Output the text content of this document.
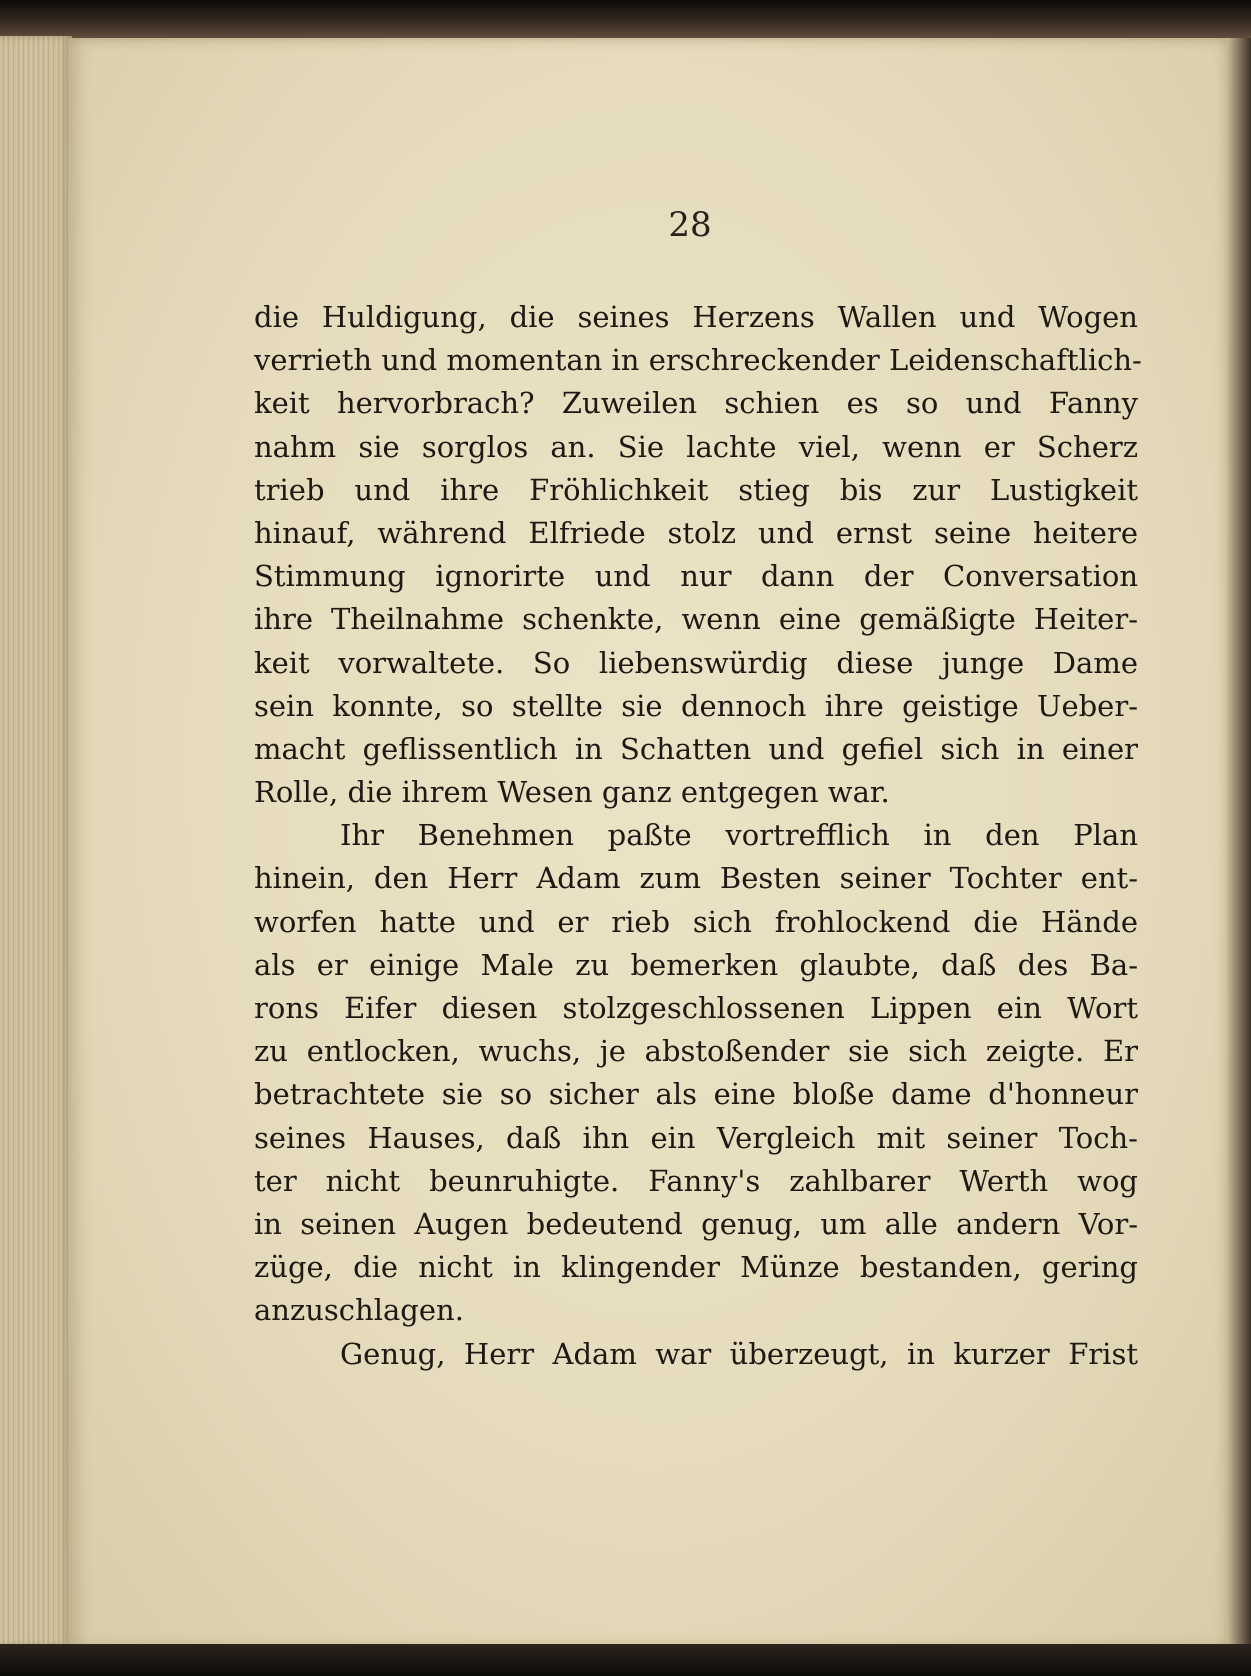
28

die Huldigung, die seines Herzens Wallen und Wogen
verrieth und momentan in erschreckender Leidenschaftlich-
keit hervorbrach? Zuweilen schien es so und Fanny
nahm sie sorglos an. Sie lachte viel, wenn er Scherz
trieb und ihre Fröhlichkeit stieg bis zur Lustigkeit
hinauf, während Elfriede stolz und ernst seine heitere
Stimmung ignorirte und nur dann der Conversation
ihre Theilnahme schenkte, wenn eine gemäßigte Heiter-
keit vorwaltete. So liebenswürdig diese junge Dame
sein konnte, so stellte sie dennoch ihre geistige Ueber-
macht geflissentlich in Schatten und gefiel sich in einer
Rolle, die ihrem Wesen ganz entgegen war.
Ihr Benehmen paßte vortrefflich in den Plan
hinein, den Herr Adam zum Besten seiner Tochter ent-
worfen hatte und er rieb sich frohlockend die Hände
als er einige Male zu bemerken glaubte, daß des Ba-
rons Eifer diesen stolzgeschlossenen Lippen ein Wort
zu entlocken, wuchs, je abstoßender sie sich zeigte. Er
betrachtete sie so sicher als eine bloße dame d'honneur
seines Hauses, daß ihn ein Vergleich mit seiner Toch-
ter nicht beunruhigte. Fanny's zahlbarer Werth wog
in seinen Augen bedeutend genug, um alle andern Vor-
züge, die nicht in klingender Münze bestanden, gering
anzuschlagen.
Genug, Herr Adam war überzeugt, in kurzer Frist
